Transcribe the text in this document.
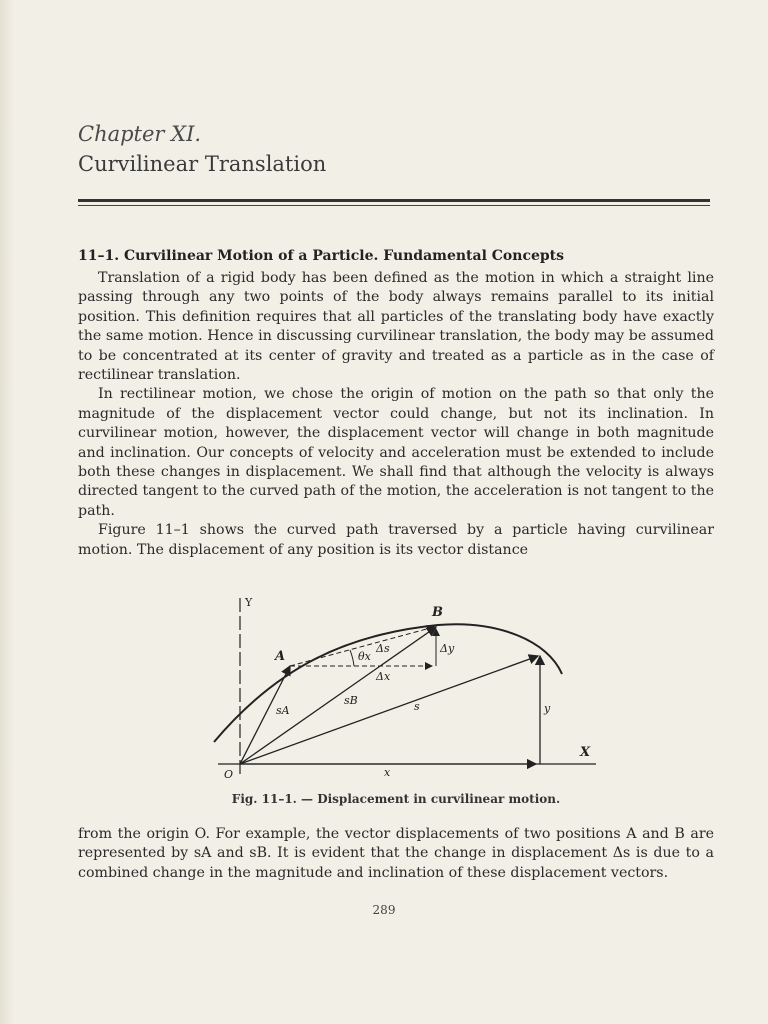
Chapter XI.
Curvilinear Translation
11–1. Curvilinear Motion of a Particle. Fundamental Concepts

Translation of a rigid body has been defined as the motion in which a straight line passing through any two points of the body always remains parallel to its initial position. This definition requires that all particles of the translating body have exactly the same motion. Hence in discussing curvilinear translation, the body may be assumed to be concentrated at its center of gravity and treated as a particle as in the case of rectilinear translation.

In rectilinear motion, we chose the origin of motion on the path so that only the magnitude of the displacement vector could change, but not its inclination. In curvilinear motion, however, the displacement vector will change in both magnitude and inclination. Our concepts of velocity and acceleration must be extended to include both these changes in displacement. We shall find that although the velocity is always directed tangent to the curved path of the motion, the acceleration is not tangent to the path.

Figure 11–1 shows the curved path traversed by a particle having curvilinear motion. The displacement of any position is its vector distance

Y
X
O
A
B
θx
Δs
Δx
Δy
sA
sB	s
x
y
Fig. 11–1. — Displacement in curvilinear motion.

from the origin O. For example, the vector displacements of two positions A and B are represented by sA and sB. It is evident that the change in displacement Δs is due to a combined change in the magnitude and inclination of these displacement vectors.

289
